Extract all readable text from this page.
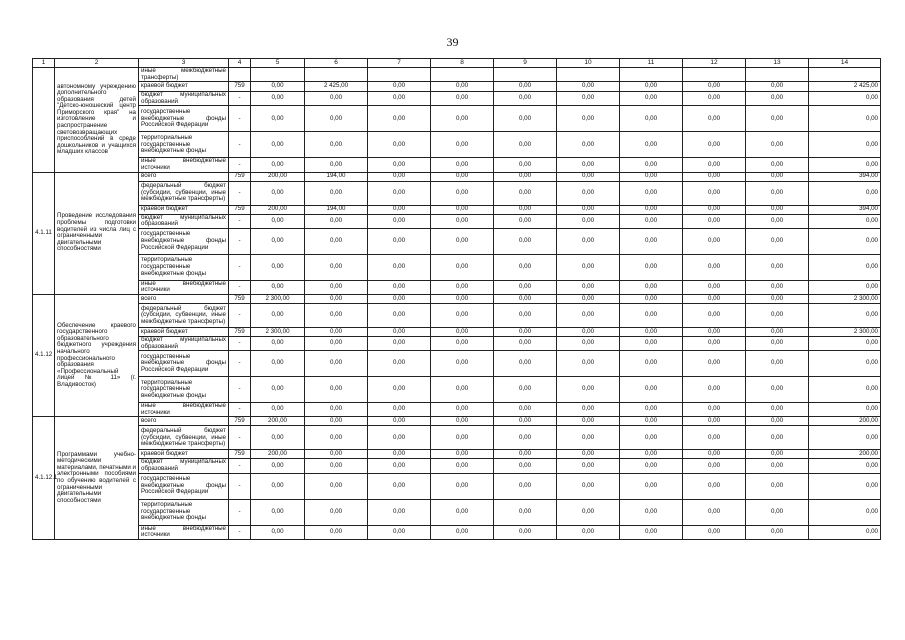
39
1	2	3	4	5	6	7	8	9	10	11	12	13	14
	автономному учреждению дополнительного образования детей "Детско-юношеский центр Приморского края" на изготовление и распространение световозвращающих приспособлений в среде дошкольников и учащихся младших классов	иные межбюджетные трансферты)											
		краевой бюджет	759	0,00	2 425,00	0,00	0,00	0,00	0,00	0,00	0,00	0,00	2 425,00
		бюджет муниципальных образований	-	0,00	0,00	0,00	0,00	0,00	0,00	0,00	0,00	0,00	0,00
		государственные внебюджетные фонды Российской Федерации	-	0,00	0,00	0,00	0,00	0,00	0,00	0,00	0,00	0,00	0,00
		территориальные государственные внебюджетные фонды	-	0,00	0,00	0,00	0,00	0,00	0,00	0,00	0,00	0,00	0,00
		иные внебюджетные источники	-	0,00	0,00	0,00	0,00	0,00	0,00	0,00	0,00	0,00	0,00
4.1.11	Проведение исследования проблемы подготовки водителей из числа лиц с ограниченными двигательными способностями	всего	759	200,00	194,00	0,00	0,00	0,00	0,00	0,00	0,00	0,00	394,00
		федеральный бюджет (субсидии, субвенции, иные межбюджетные трансферты)	-	0,00	0,00	0,00	0,00	0,00	0,00	0,00	0,00	0,00	0,00
		краевой бюджет	759	200,00	194,00	0,00	0,00	0,00	0,00	0,00	0,00	0,00	394,00
		бюджет муниципальных образований	-	0,00	0,00	0,00	0,00	0,00	0,00	0,00	0,00	0,00	0,00
		государственные внебюджетные фонды Российской Федерации	-	0,00	0,00	0,00	0,00	0,00	0,00	0,00	0,00	0,00	0,00
		территориальные государственные внебюджетные фонды	-	0,00	0,00	0,00	0,00	0,00	0,00	0,00	0,00	0,00	0,00
		иные внебюджетные источники	-	0,00	0,00	0,00	0,00	0,00	0,00	0,00	0,00	0,00	0,00
4.1.12	Обеспечение краевого государственного образовательного бюджетного учреждения начального профессионального образования «Профессиональный лицей № 11» (г. Владивосток)	всего	759	2 300,00	0,00	0,00	0,00	0,00	0,00	0,00	0,00	0,00	2 300,00
		федеральный бюджет (субсидии, субвенции, иные межбюджетные трансферты)	-	0,00	0,00	0,00	0,00	0,00	0,00	0,00	0,00	0,00	0,00
		краевой бюджет	759	2 300,00	0,00	0,00	0,00	0,00	0,00	0,00	0,00	0,00	2 300,00
		бюджет муниципальных образований	-	0,00	0,00	0,00	0,00	0,00	0,00	0,00	0,00	0,00	0,00
		государственные внебюджетные фонды Российской Федерации	-	0,00	0,00	0,00	0,00	0,00	0,00	0,00	0,00	0,00	0,00
		территориальные государственные внебюджетные фонды	-	0,00	0,00	0,00	0,00	0,00	0,00	0,00	0,00	0,00	0,00
		иные внебюджетные источники	-	0,00	0,00	0,00	0,00	0,00	0,00	0,00	0,00	0,00	0,00
4.1.12.1	Программами учебно-методическими материалами, печатными и электронными пособиями по обучению водителей с ограниченными двигательными способностями	всего	759	200,00	0,00	0,00	0,00	0,00	0,00	0,00	0,00	0,00	200,00
		федеральный бюджет (субсидии, субвенции, иные межбюджетные трансферты)	-	0,00	0,00	0,00	0,00	0,00	0,00	0,00	0,00	0,00	0,00
		краевой бюджет	759	200,00	0,00	0,00	0,00	0,00	0,00	0,00	0,00	0,00	200,00
		бюджет муниципальных образований	-	0,00	0,00	0,00	0,00	0,00	0,00	0,00	0,00	0,00	0,00
		государственные внебюджетные фонды Российской Федерации	-	0,00	0,00	0,00	0,00	0,00	0,00	0,00	0,00	0,00	0,00
		территориальные государственные внебюджетные фонды	-	0,00	0,00	0,00	0,00	0,00	0,00	0,00	0,00	0,00	0,00
		иные внебюджетные источники	-	0,00	0,00	0,00	0,00	0,00	0,00	0,00	0,00	0,00	0,00
